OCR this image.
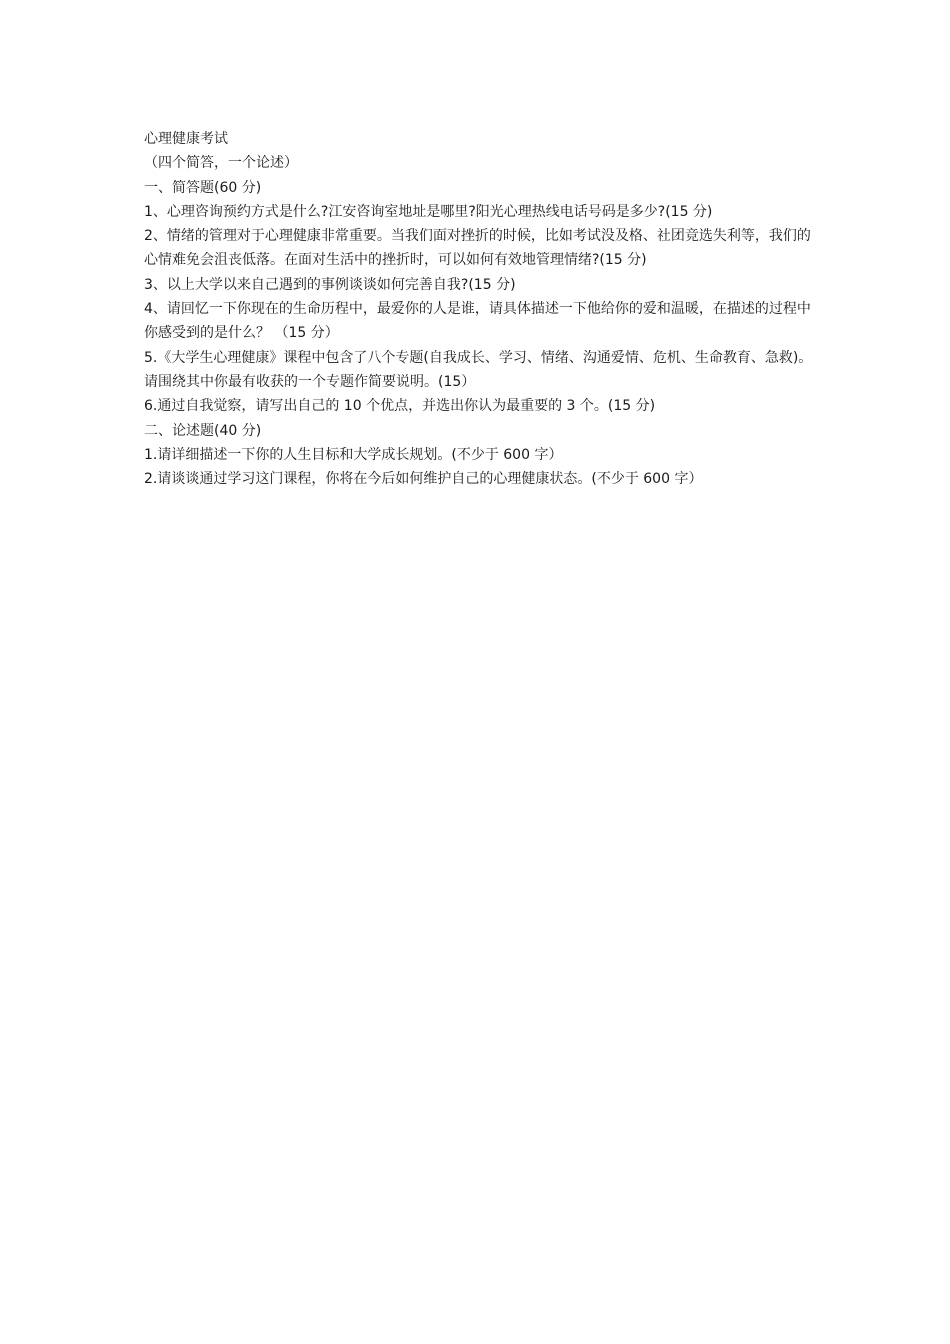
心理健康考试

（四个简答，一个论述）

一、简答题(60 分)

1、心理咨询预约方式是什么?江安咨询室地址是哪里?阳光心理热线电话号码是多少?(15 分)

2、情绪的管理对于心理健康非常重要。当我们面对挫折的时候，比如考试没及格、社团竞选失利等，我们的心情难免会沮丧低落。在面对生活中的挫折时，可以如何有效地管理情绪?(15 分)

3、以上大学以来自己遇到的事例谈谈如何完善自我?(15 分)

4、请回忆一下你现在的生命历程中，最爱你的人是谁，请具体描述一下他给你的爱和温暖，在描述的过程中你感受到的是什么？ （15 分）

5.《大学生心理健康》课程中包含了八个专题(自我成长、学习、情绪、沟通爱情、危机、生命教育、急救)。请围绕其中你最有收获的一个专题作简要说明。(15）

6.通过自我觉察，请写出自己的 10 个优点，并选出你认为最重要的 3 个。(15 分)

二、论述题(40 分)

1.请详细描述一下你的人生目标和大学成长规划。(不少于 600 字）

2.请谈谈通过学习这门课程，你将在今后如何维护自己的心理健康状态。(不少于 600 字）
